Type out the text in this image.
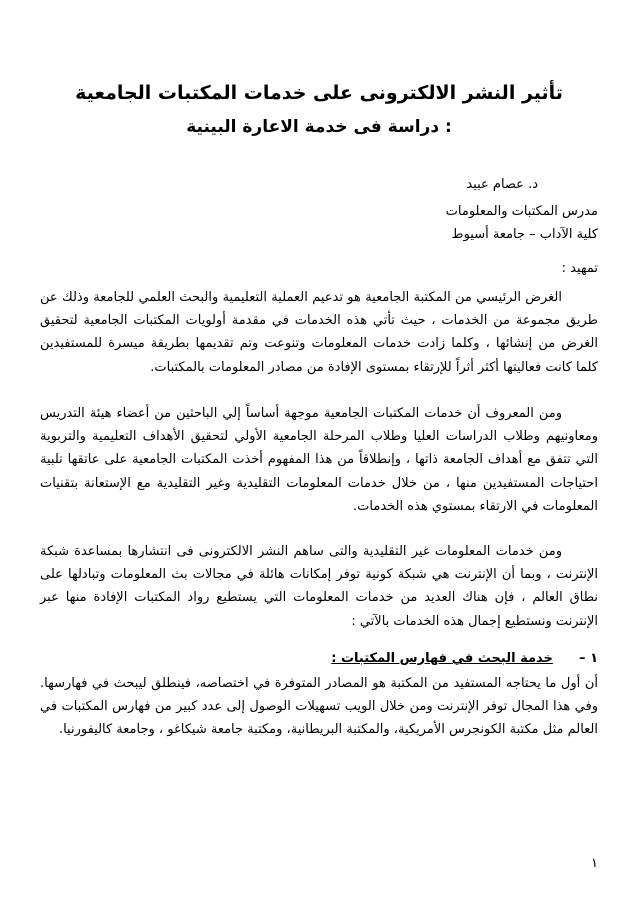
تأثير النشر الالكترونى على خدمات المكتبات الجامعية
: دراسة فى خدمة الاعارة البينية
د. عصام عبيد
مدرس المكتبات والمعلومات
كلية الآداب – جامعة أسيوط
تمهيد :

الغرض الرئيسي من المكتبة الجامعية هو تدعيم العملية التعليمية والبحث العلمي للجامعة وذلك عن طريق مجموعة من الخدمات ، حيث تأتي هذه الخدمات في مقدمة أولويات المكتبات الجامعية لتحقيق الغرض من إنشائها ، وكلما زادت خدمات المعلومات وتنوعت وتم تقديمها بطريقة ميسرة للمستفيدين كلما كانت فعاليتها أكثر أثراً للإرتقاء بمستوى الإفادة من مصادر المعلومات بالمكتبات.

ومن المعروف أن خدمات المكتبات الجامعية موجهة أساساً إلي الباحثين من أعضاء هيئة التدريس ومعاونيهم وطلاب الدراسات العليا وطلاب المرحلة الجامعية الأولي لتحقيق الأهداف التعليمية والتربوية التي تتفق مع أهداف الجامعة ذاتها ، وإنطلاقاً من هذا المفهوم أخذت المكتبات الجامعية على عاتقها تلبية احتياجات المستفيدين منها ، من خلال خدمات المعلومات التقليدية وغير التقليدية مع الإستعانة بتقنيات المعلومات في الارتقاء بمستوي هذه الخدمات.

ومن خدمات المعلومات غير التقليدية والتى ساهم النشر الالكترونى فى انتشارها بمساعدة شبكة الإنترنت ، وبما أن الإنترنت هي شبكة كونية توفر إمكانات هائلة في مجالات بث المعلومات وتبادلها على نطاق العالم ، فإن هناك العديد من خدمات المعلومات التي يستطيع رواد المكتبات الإفادة منها عبر الإنترنت ونستطيع إجمال هذه الخدمات بالآتي :

١ – خدمة البحث في فهارس المكتبات :

أن أول ما يحتاجه المستفيد من المكتبة هو المصادر المتوفرة في اختصاصه، فينطلق ليبحث في فهارسها. وفي هذا المجال توفر الإنترنت ومن خلال الويب تسهيلات الوصول إلى عدد كبير من فهارس المكتبات في العالم مثل مكتبة الكونجرس الأمريكية، والمكتبة البريطانية، ومكتبة جامعة شيكاغو ، وجامعة كاليفورنيا.

١
